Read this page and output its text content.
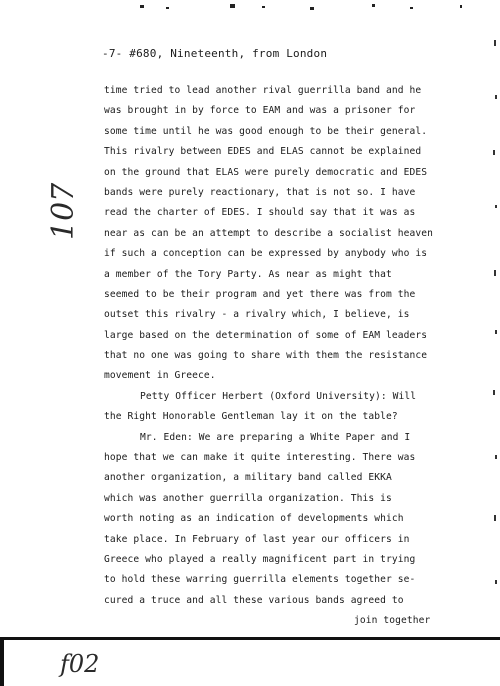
-7- #680, Nineteenth, from London
time tried to lead another rival guerrilla band and he
was brought in by force to EAM and was a prisoner for
some time until he was good enough to be their general.
This rivalry between EDES and ELAS cannot be explained
on the ground that ELAS were purely democratic and EDES
bands were purely reactionary, that is not so. I have
read the charter of EDES. I should say that it was as
near as can be an attempt to describe a socialist heaven
if such a conception can be expressed by anybody who is
a member of the Tory Party. As near as might that
seemed to be their program and yet there was from the
outset this rivalry - a rivalry which, I believe, is
large based on the determination of some of EAM leaders
that no one was going to share with them the resistance
movement in Greece.
Petty Officer Herbert (Oxford University): Will
the Right Honorable Gentleman lay it on the table?
Mr. Eden: We are preparing a White Paper and I
hope that we can make it quite interesting. There was
another organization, a military band called EKKA
which was another guerrilla organization. This is
worth noting as an indication of developments which
take place. In February of last year our officers in
Greece who played a really magnificent part in trying
to hold these warring guerrilla elements together se-
cured a truce and all these various bands agreed to
join together
107
f02
